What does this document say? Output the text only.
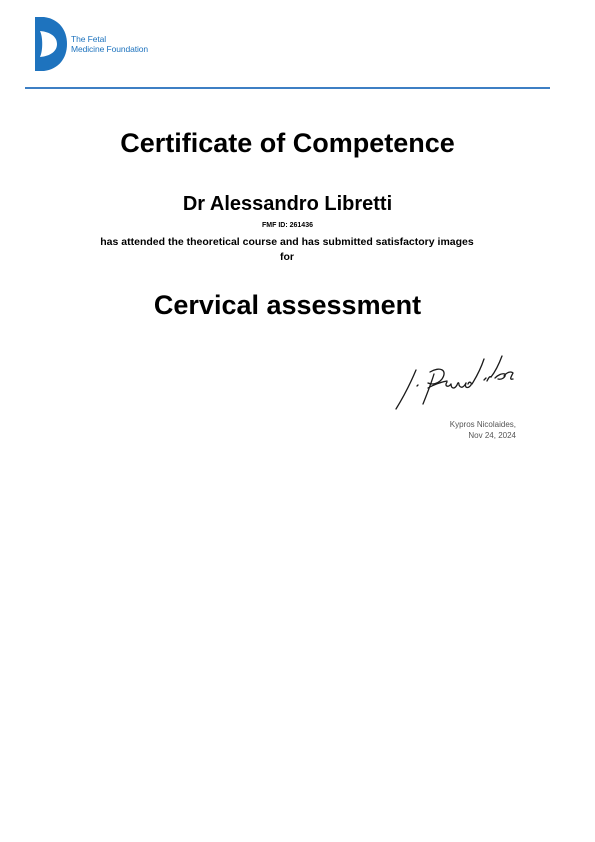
The Fetal
Medicine Foundation
Certificate of Competence
Dr Alessandro Libretti
FMF ID: 261436
has attended the theoretical course and has submitted satisfactory images for
Cervical assessment
Kypros Nicolaides,
Nov 24, 2024
